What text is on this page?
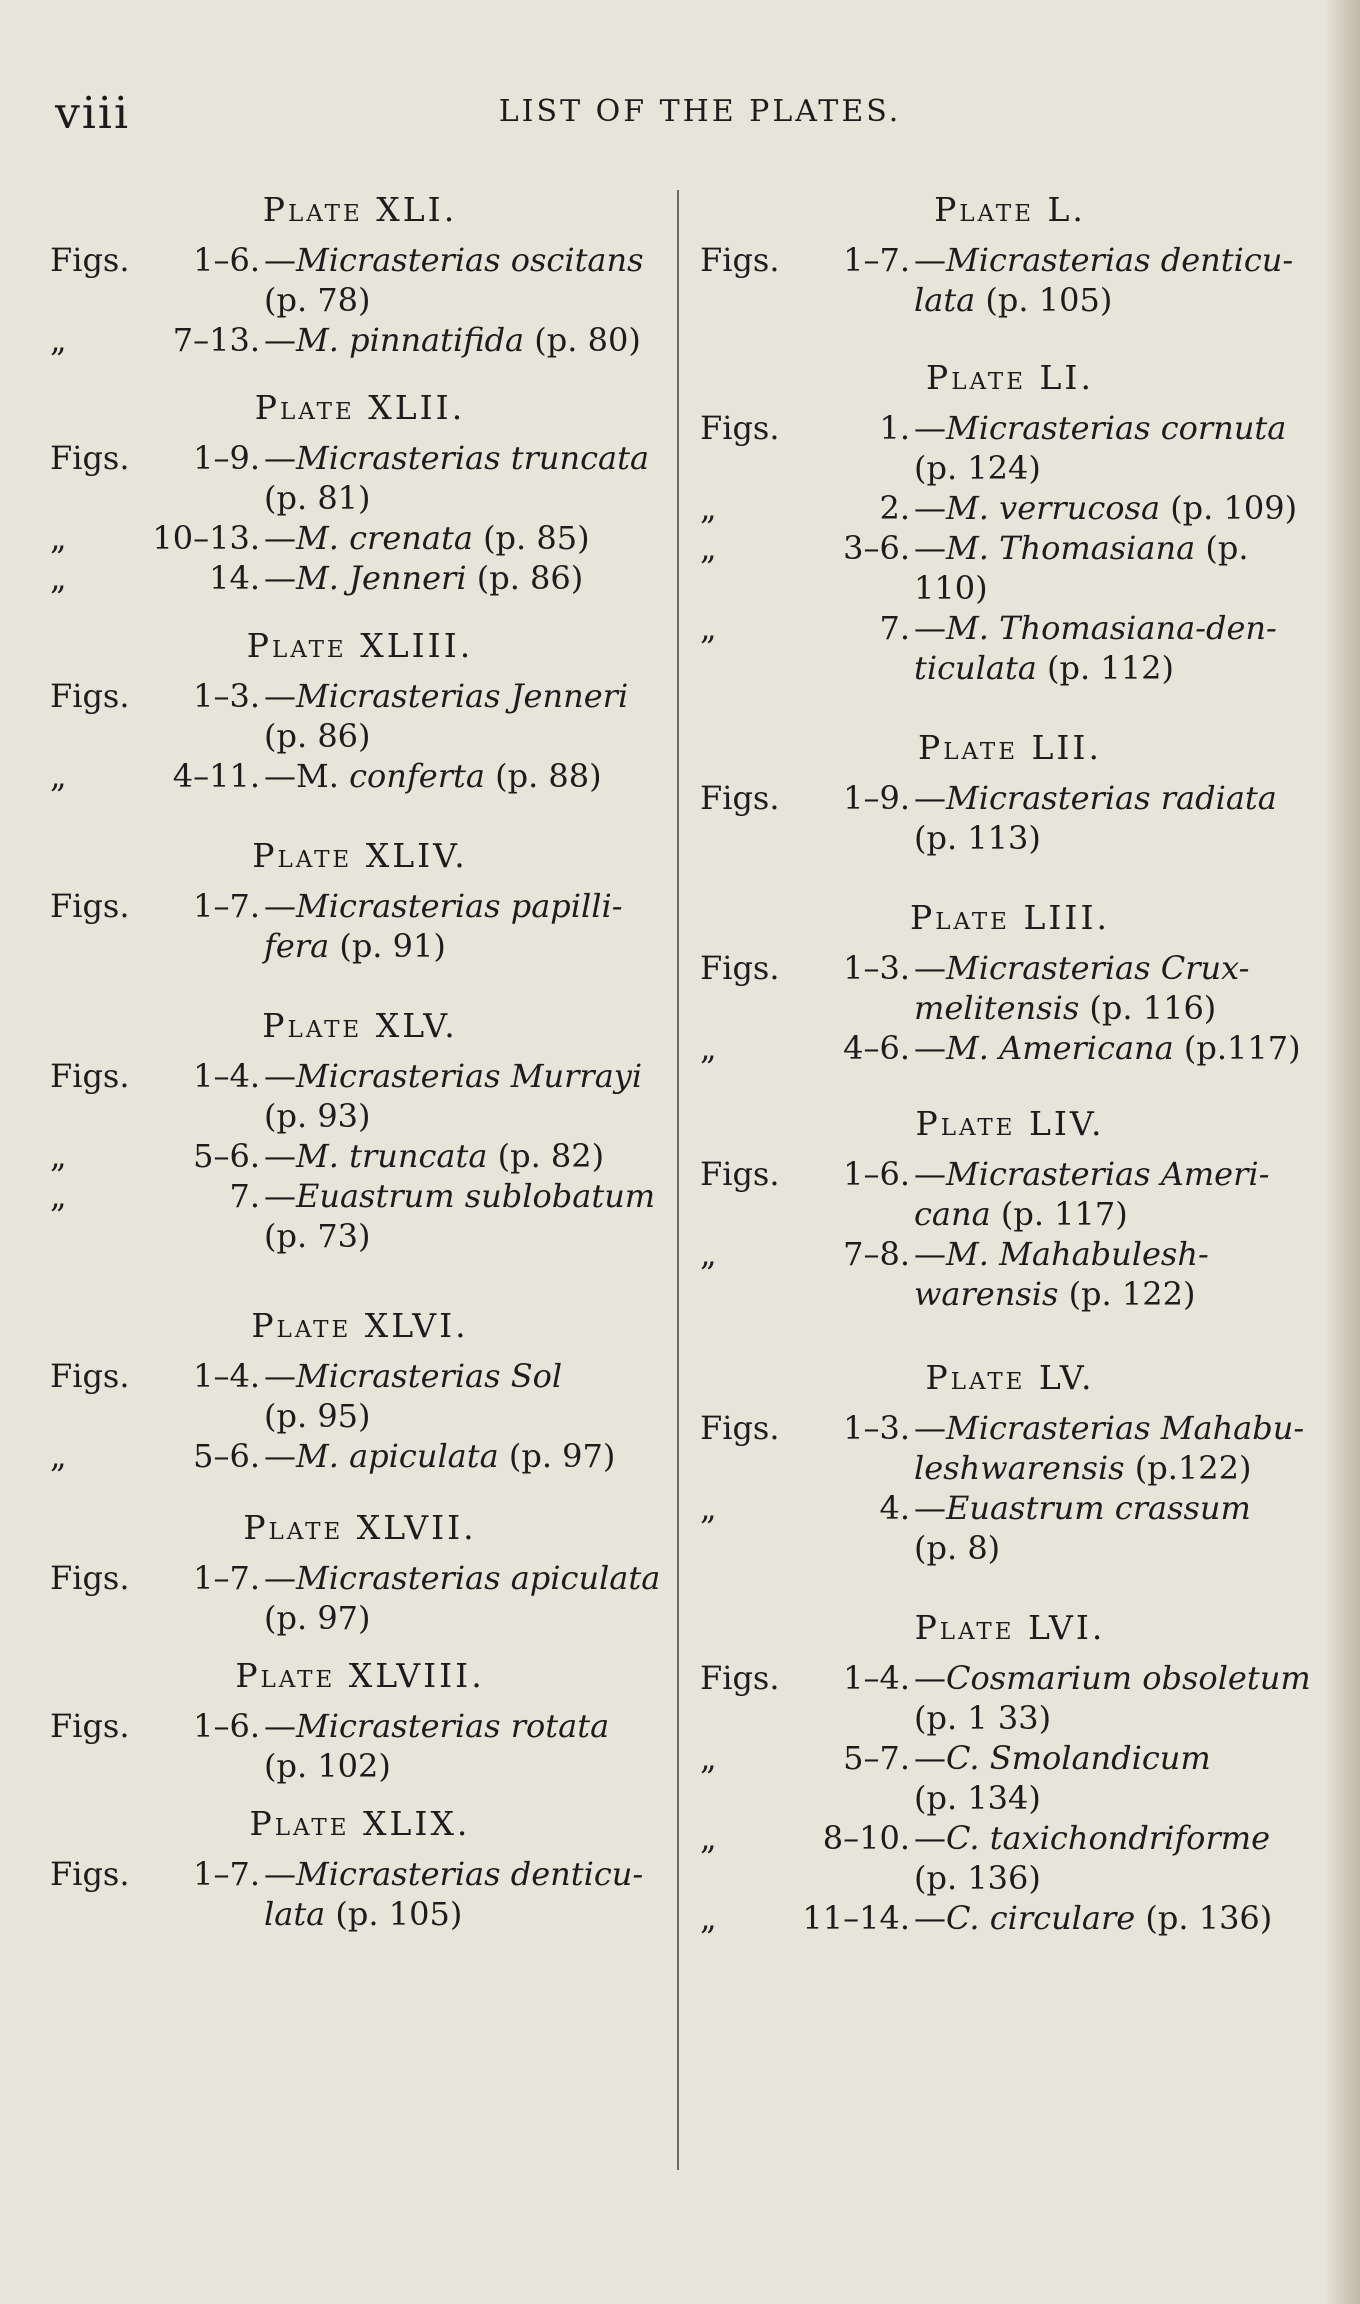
viii	LIST OF THE PLATES.
Plate XLI.
Figs.	1–6. —Micrasterias oscitans
(p. 78)
„	7–13. —M. pinnatifida (p. 80)
Plate XLII.
Figs.	1–9. —Micrasterias truncata
(p. 81)
„	10–13. —M. crenata (p. 85)
„	14. —M. Jenneri (p. 86)
Plate XLIII.
Figs.	1–3. —Micrasterias Jenneri
(p. 86)
„	4–11. —M. conferta (p. 88)
Plate XLIV.
Figs.	1–7. —Micrasterias papilli-
fera (p. 91)
Plate XLV.
Figs.	1–4. —Micrasterias Murrayi
(p. 93)
„	5–6. —M. truncata (p. 82)
„	7. —Euastrum sublobatum
(p. 73)
Plate XLVI.
Figs.	1–4. —Micrasterias Sol
(p. 95)
„	5–6. —M. apiculata (p. 97)
Plate XLVII.
Figs.	1–7. —Micrasterias apiculata
(p. 97)
Plate XLVIII.
Figs.	1–6. —Micrasterias rotata
(p. 102)
Plate XLIX.
Figs.	1–7. —Micrasterias denticu-
lata (p. 105)
Plate L.
Figs.	1–7. —Micrasterias denticu-
lata (p. 105)
Plate LI.
Figs.	1. —Micrasterias cornuta
(p. 124)
„	2. —M. verrucosa (p. 109)
„	3–6. —M. Thomasiana (p.
110)
„	7. —M. Thomasiana-den-
ticulata (p. 112)
Plate LII.
Figs.	1–9. —Micrasterias radiata
(p. 113)
Plate LIII.
Figs.	1–3. —Micrasterias Crux-
melitensis (p. 116)
„	4–6. —M. Americana (p.117)
Plate LIV.
Figs.	1–6. —Micrasterias Ameri-
cana (p. 117)
„	7–8. —M. Mahabulesh-
warensis (p. 122)
Plate LV.
Figs.	1–3. —Micrasterias Mahabu-
leshwarensis (p.122)
„	4. —Euastrum crassum
(p. 8)
Plate LVI.
Figs.	1–4. —Cosmarium obsoletum
(p. 1 33)
„	5–7. —C. Smolandicum
(p. 134)
„	8–10. —C. taxichondriforme
(p. 136)
„	11–14. —C. circulare (p. 136)
